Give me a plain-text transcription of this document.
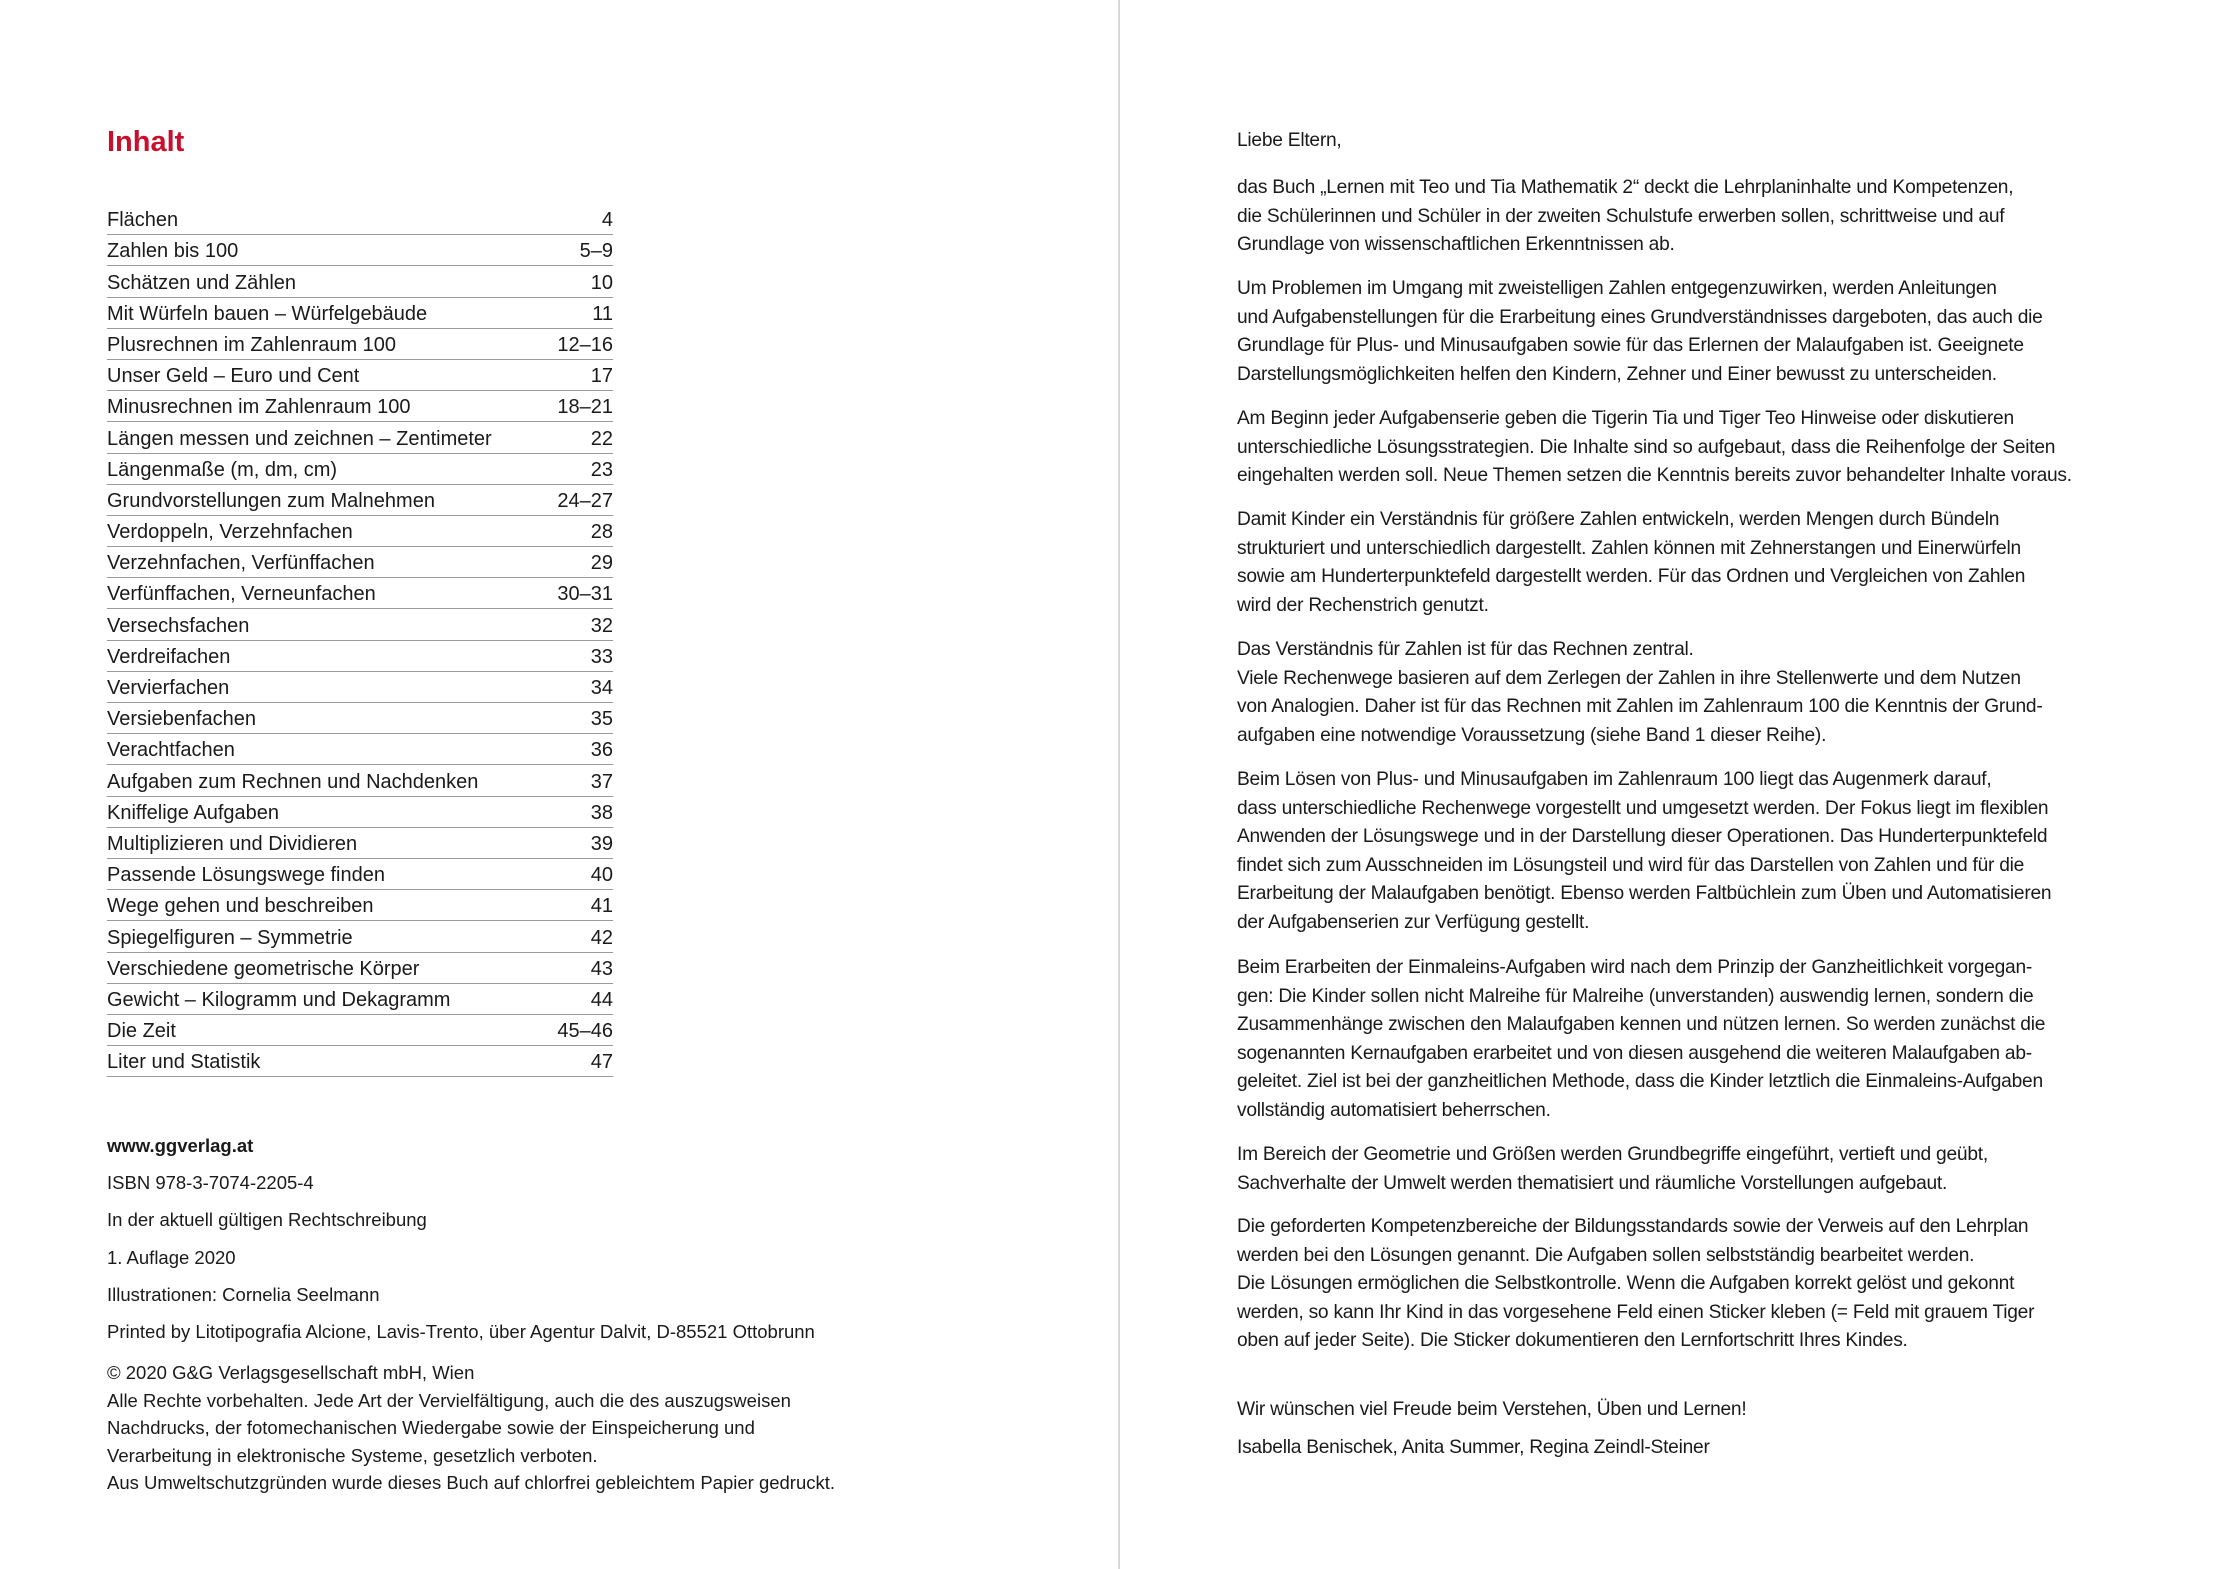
Inhalt
Flächen	4
Zahlen bis 100	5–9
Schätzen und Zählen	10
Mit Würfeln bauen – Würfelgebäude	11
Plusrechnen im Zahlenraum 100	12–16
Unser Geld – Euro und Cent	17
Minusrechnen im Zahlenraum 100	18–21
Längen messen und zeichnen – Zentimeter	22
Längenmaße (m, dm, cm)	23
Grundvorstellungen zum Malnehmen	24–27
Verdoppeln, Verzehnfachen	28
Verzehnfachen, Verfünffachen	29
Verfünffachen, Verneunfachen	30–31
Versechsfachen	32
Verdreifachen	33
Vervierfachen	34
Versiebenfachen	35
Verachtfachen	36
Aufgaben zum Rechnen und Nachdenken	37
Kniffelige Aufgaben	38
Multiplizieren und Dividieren	39
Passende Lösungswege finden	40
Wege gehen und beschreiben	41
Spiegelfiguren – Symmetrie	42
Verschiedene geometrische Körper	43
Gewicht – Kilogramm und Dekagramm	44
Die Zeit	45–46
Liter und Statistik	47
www.ggverlag.at
ISBN 978-3-7074-2205-4
In der aktuell gültigen Rechtschreibung
1. Auflage 2020
Illustrationen: Cornelia Seelmann
Printed by Litotipografia Alcione, Lavis-Trento, über Agentur Dalvit, D-85521 Ottobrunn
© 2020 G&G Verlagsgesellschaft mbH, Wien
Alle Rechte vorbehalten. Jede Art der Vervielfältigung, auch die des auszugsweisen
Nachdrucks, der fotomechanischen Wiedergabe sowie der Einspeicherung und
Verarbeitung in elektronische Systeme, gesetzlich verboten.
Aus Umweltschutzgründen wurde dieses Buch auf chlorfrei gebleichtem Papier gedruckt.
Liebe Eltern,
das Buch „Lernen mit Teo und Tia Mathematik 2“ deckt die Lehrplaninhalte und Kompetenzen,
die Schülerinnen und Schüler in der zweiten Schulstufe erwerben sollen, schrittweise und auf
Grundlage von wissenschaftlichen Erkenntnissen ab.
Um Problemen im Umgang mit zweistelligen Zahlen entgegenzuwirken, werden Anleitungen
und Aufgabenstellungen für die Erarbeitung eines Grundverständnisses dargeboten, das auch die
Grundlage für Plus- und Minusaufgaben sowie für das Erlernen der Malaufgaben ist. Geeignete
Darstellungsmöglichkeiten helfen den Kindern, Zehner und Einer bewusst zu unterscheiden.
Am Beginn jeder Aufgabenserie geben die Tigerin Tia und Tiger Teo Hinweise oder diskutieren
unterschiedliche Lösungsstrategien. Die Inhalte sind so aufgebaut, dass die Reihenfolge der Seiten
eingehalten werden soll. Neue Themen setzen die Kenntnis bereits zuvor behandelter Inhalte voraus.
Damit Kinder ein Verständnis für größere Zahlen entwickeln, werden Mengen durch Bündeln
strukturiert und unterschiedlich dargestellt. Zahlen können mit Zehnerstangen und Einerwürfeln
sowie am Hunderterpunktefeld dargestellt werden. Für das Ordnen und Vergleichen von Zahlen
wird der Rechenstrich genutzt.
Das Verständnis für Zahlen ist für das Rechnen zentral.
Viele Rechenwege basieren auf dem Zerlegen der Zahlen in ihre Stellenwerte und dem Nutzen
von Analogien. Daher ist für das Rechnen mit Zahlen im Zahlenraum 100 die Kenntnis der Grund-
aufgaben eine notwendige Voraussetzung (siehe Band 1 dieser Reihe).
Beim Lösen von Plus- und Minusaufgaben im Zahlenraum 100 liegt das Augenmerk darauf,
dass unterschiedliche Rechenwege vorgestellt und umgesetzt werden. Der Fokus liegt im flexiblen
Anwenden der Lösungswege und in der Darstellung dieser Operationen. Das Hunderterpunktefeld
findet sich zum Ausschneiden im Lösungsteil und wird für das Darstellen von Zahlen und für die
Erarbeitung der Malaufgaben benötigt. Ebenso werden Faltbüchlein zum Üben und Automatisieren
der Aufgabenserien zur Verfügung gestellt.
Beim Erarbeiten der Einmaleins-Aufgaben wird nach dem Prinzip der Ganzheitlichkeit vorgegan-
gen: Die Kinder sollen nicht Malreihe für Malreihe (unverstanden) auswendig lernen, sondern die
Zusammenhänge zwischen den Malaufgaben kennen und nützen lernen. So werden zunächst die
sogenannten Kernaufgaben erarbeitet und von diesen ausgehend die weiteren Malaufgaben ab-
geleitet. Ziel ist bei der ganzheitlichen Methode, dass die Kinder letztlich die Einmaleins-Aufgaben
vollständig automatisiert beherrschen.
Im Bereich der Geometrie und Größen werden Grundbegriffe eingeführt, vertieft und geübt,
Sachverhalte der Umwelt werden thematisiert und räumliche Vorstellungen aufgebaut.
Die geforderten Kompetenzbereiche der Bildungsstandards sowie der Verweis auf den Lehrplan
werden bei den Lösungen genannt. Die Aufgaben sollen selbstständig bearbeitet werden.
Die Lösungen ermöglichen die Selbstkontrolle. Wenn die Aufgaben korrekt gelöst und gekonnt
werden, so kann Ihr Kind in das vorgesehene Feld einen Sticker kleben (= Feld mit grauem Tiger
oben auf jeder Seite). Die Sticker dokumentieren den Lernfortschritt Ihres Kindes.
Wir wünschen viel Freude beim Verstehen, Üben und Lernen!
Isabella Benischek, Anita Summer, Regina Zeindl-Steiner
